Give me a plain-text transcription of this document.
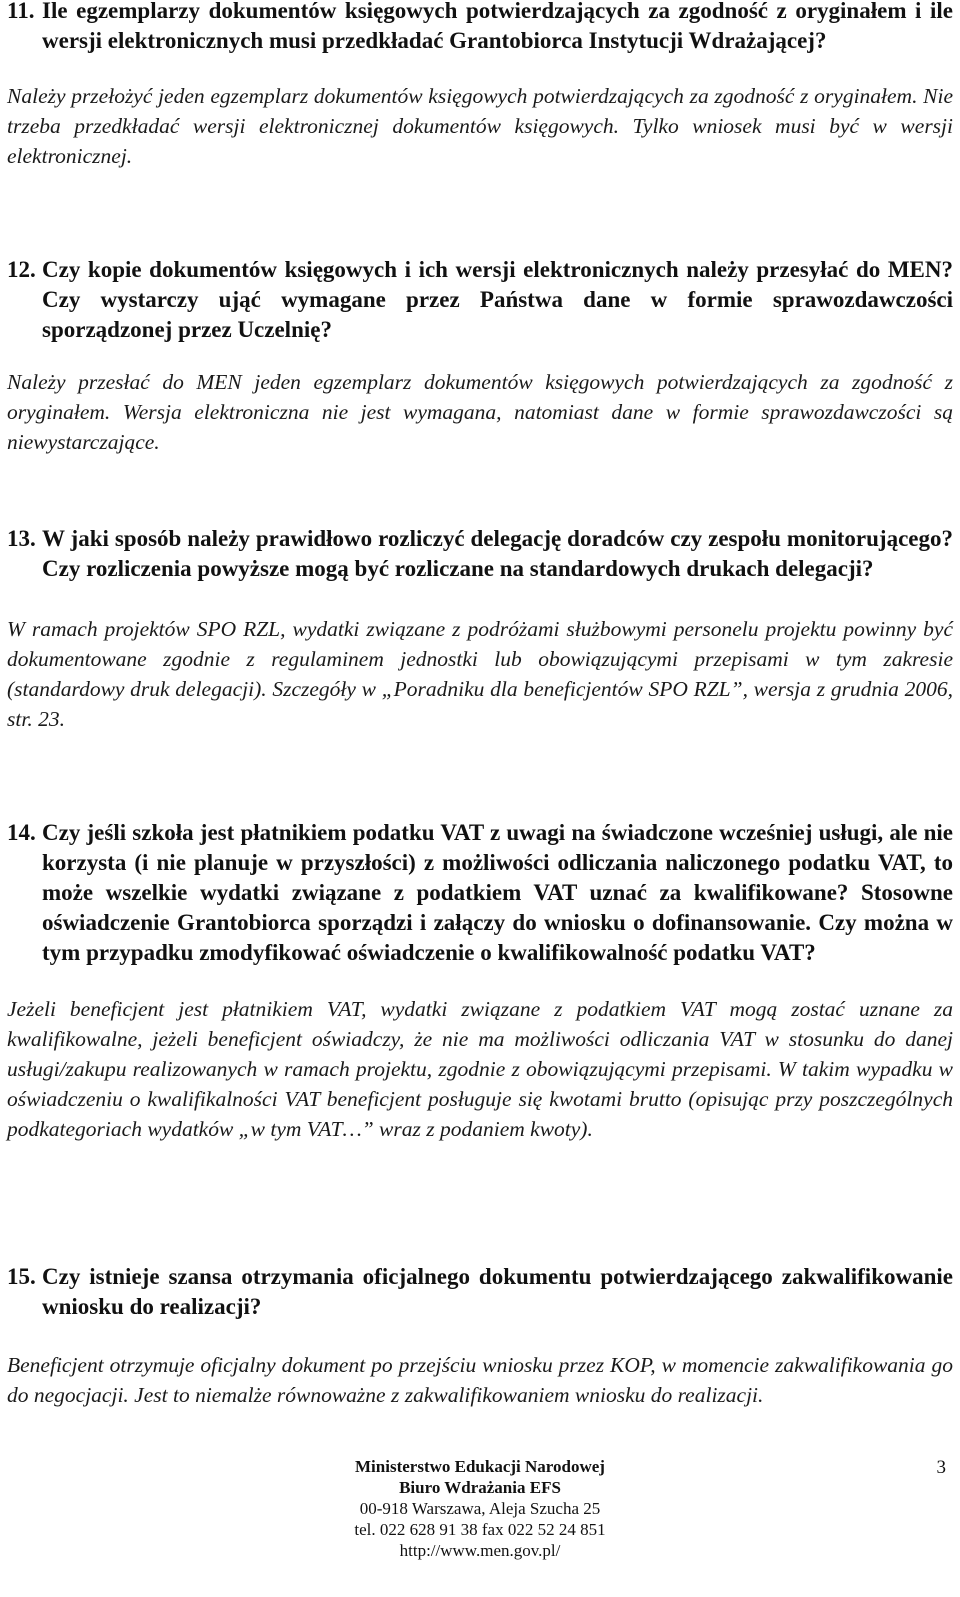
11. Ile egzemplarzy dokumentów księgowych potwierdzających za zgodność z oryginałem i ile wersji elektronicznych musi przedkładać Grantobiorca Instytucji Wdrażającej?

Należy przełożyć jeden egzemplarz dokumentów księgowych potwierdzających za zgodność z oryginałem. Nie trzeba przedkładać wersji elektronicznej dokumentów księgowych. Tylko wniosek musi być w wersji elektronicznej.

12. Czy kopie dokumentów księgowych i ich wersji elektronicznych należy przesyłać do MEN? Czy wystarczy ująć wymagane przez Państwa dane w formie sprawozdawczości sporządzonej przez Uczelnię?

Należy przesłać do MEN jeden egzemplarz dokumentów księgowych potwierdzających za zgodność z oryginałem. Wersja elektroniczna nie jest wymagana, natomiast dane w formie sprawozdawczości są niewystarczające.

13. W jaki sposób należy prawidłowo rozliczyć delegację doradców czy zespołu monitorującego? Czy rozliczenia powyższe mogą być rozliczane na standardowych drukach delegacji?

W ramach projektów SPO RZL, wydatki związane z podróżami służbowymi personelu projektu powinny być dokumentowane zgodnie z regulaminem jednostki lub obowiązującymi przepisami w tym zakresie (standardowy druk delegacji). Szczegóły w „Poradniku dla beneficjentów SPO RZL”, wersja z grudnia 2006, str. 23.

14. Czy jeśli szkoła jest płatnikiem podatku VAT z uwagi na świadczone wcześniej usługi, ale nie korzysta (i nie planuje w przyszłości) z możliwości odliczania naliczonego podatku VAT, to może wszelkie wydatki związane z podatkiem VAT uznać za kwalifikowane? Stosowne oświadczenie Grantobiorca sporządzi i załączy do wniosku o dofinansowanie. Czy można w tym przypadku zmodyfikować oświadczenie o kwalifikowalność podatku VAT?

Jeżeli beneficjent jest płatnikiem VAT, wydatki związane z podatkiem VAT mogą zostać uznane za kwalifikowalne, jeżeli beneficjent oświadczy, że nie ma możliwości odliczania VAT w stosunku do danej usługi/zakupu realizowanych w ramach projektu, zgodnie z obowiązującymi przepisami. W takim wypadku w oświadczeniu o kwalifikalności VAT beneficjent posługuje się kwotami brutto (opisując przy poszczególnych podkategoriach wydatków „w tym VAT…” wraz z podaniem kwoty).

15. Czy istnieje szansa otrzymania oficjalnego dokumentu potwierdzającego zakwalifikowanie wniosku do realizacji?

Beneficjent otrzymuje oficjalny dokument po przejściu wniosku przez KOP, w momencie zakwalifikowania go do negocjacji. Jest to niemalże równoważne z zakwalifikowaniem wniosku do realizacji.

Ministerstwo Edukacji Narodowej
Biuro Wdrażania EFS
00-918 Warszawa, Aleja Szucha 25
tel. 022 628 91 38 fax 022 52 24 851
http://www.men.gov.pl/
3
